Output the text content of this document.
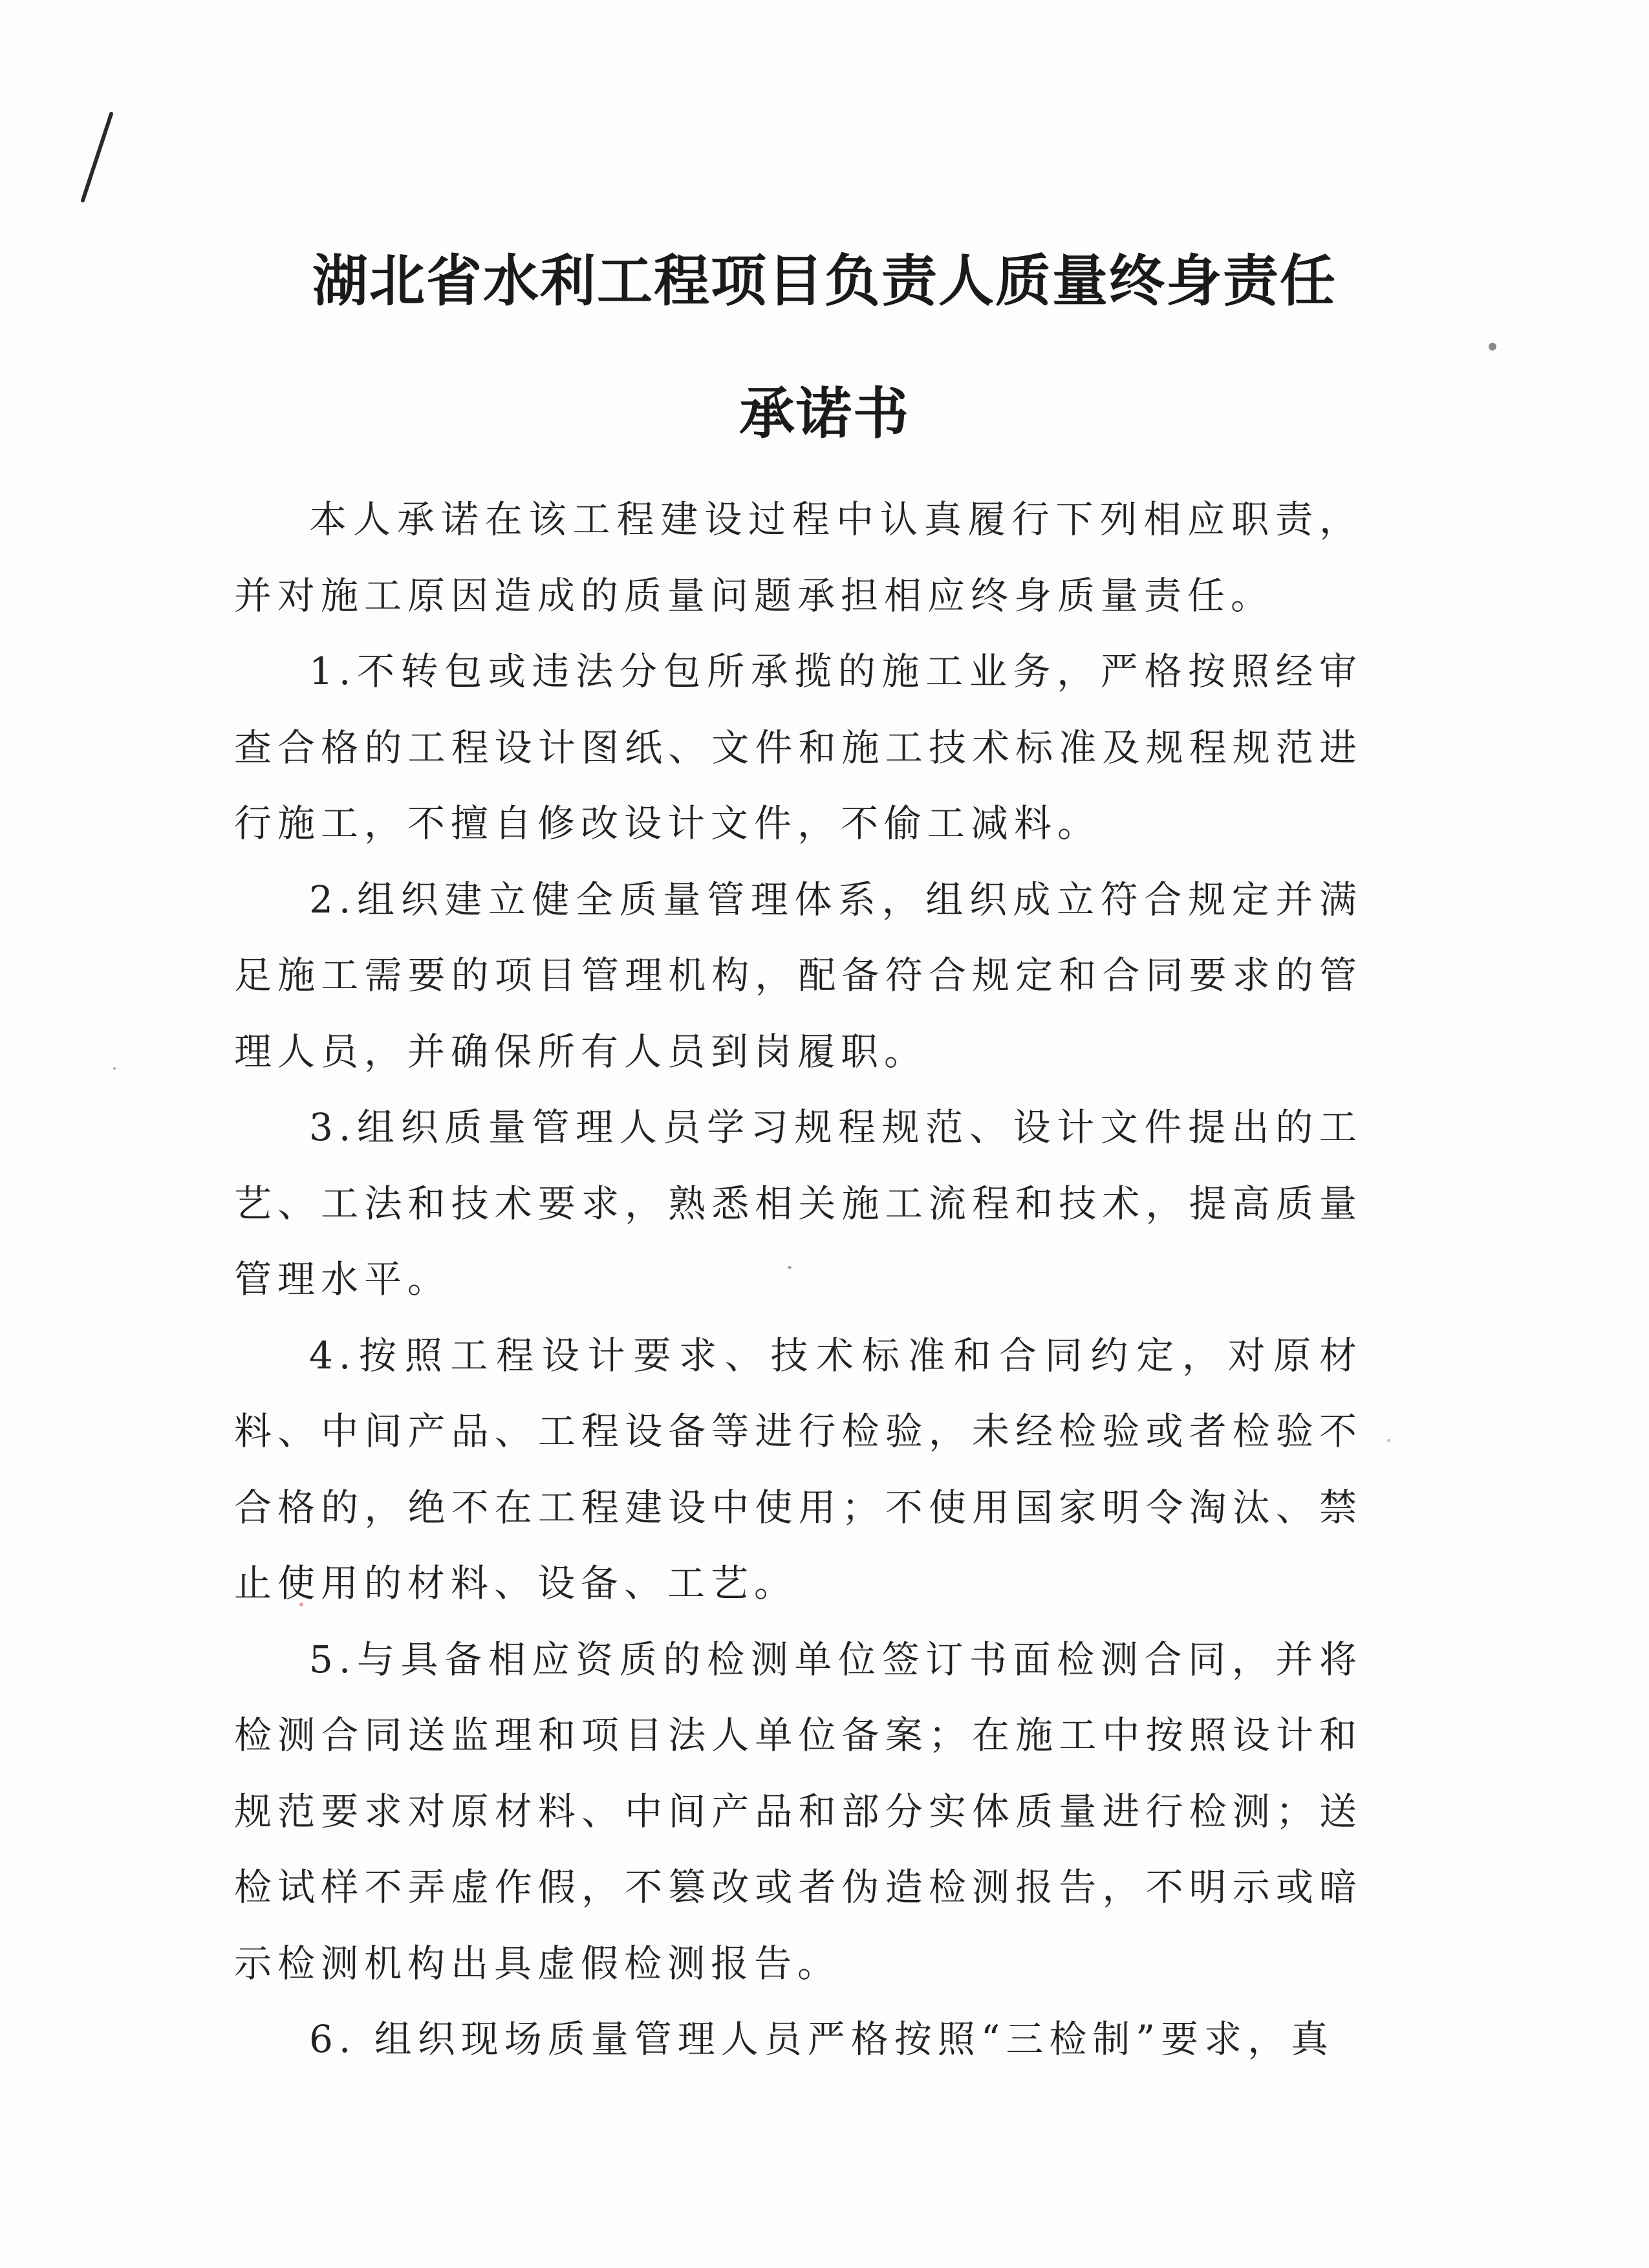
湖北省水利工程项目负责人质量终身责任
承诺书

本人承诺在该工程建设过程中认真履行下列相应职责，并对施工原因造成的质量问题承担相应终身质量责任。

1.不转包或违法分包所承揽的施工业务，严格按照经审查合格的工程设计图纸、文件和施工技术标准及规程规范进行施工，不擅自修改设计文件，不偷工减料。

2.组织建立健全质量管理体系，组织成立符合规定并满足施工需要的项目管理机构，配备符合规定和合同要求的管理人员，并确保所有人员到岗履职。

3.组织质量管理人员学习规程规范、设计文件提出的工艺、工法和技术要求，熟悉相关施工流程和技术，提高质量管理水平。

4.按照工程设计要求、技术标准和合同约定，对原材料、中间产品、工程设备等进行检验，未经检验或者检验不合格的，绝不在工程建设中使用；不使用国家明令淘汰、禁止使用的材料、设备、工艺。

5.与具备相应资质的检测单位签订书面检测合同，并将检测合同送监理和项目法人单位备案；在施工中按照设计和规范要求对原材料、中间产品和部分实体质量进行检测；送检试样不弄虚作假，不篡改或者伪造检测报告，不明示或暗示检测机构出具虚假检测报告。

6. 组织现场质量管理人员严格按照“三检制”要求，真
